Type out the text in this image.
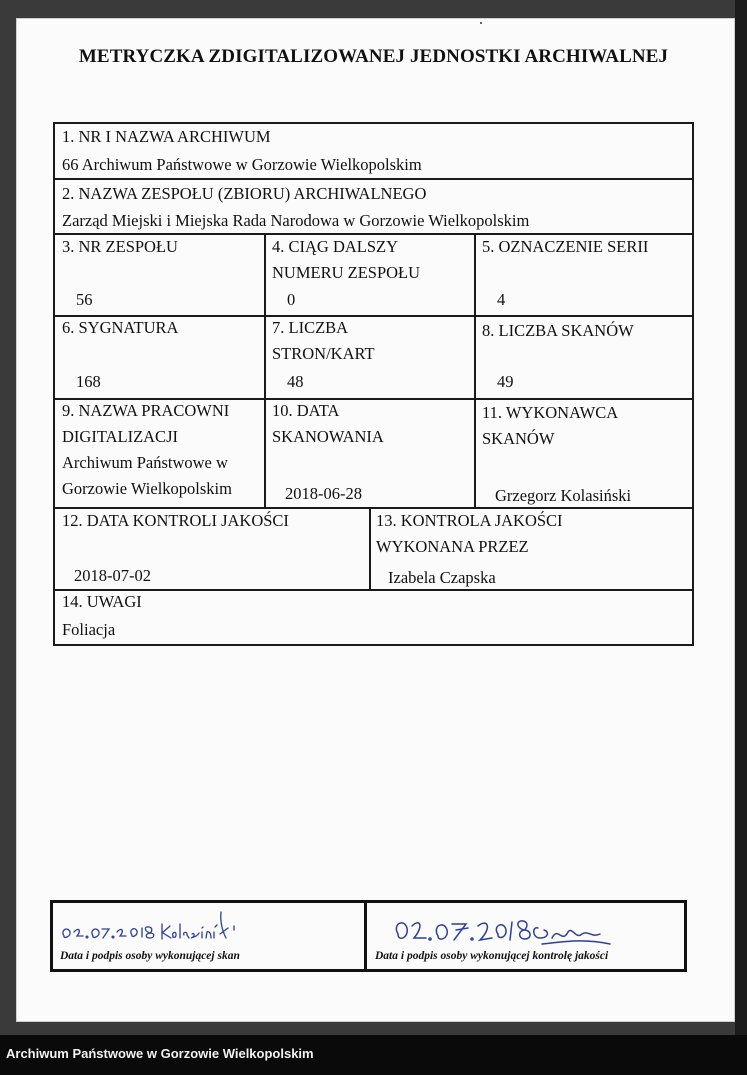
METRYCZKA ZDIGITALIZOWANEJ JEDNOSTKI ARCHIWALNEJ
1. NR I NAZWA ARCHIWUM
66 Archiwum Państwowe w Gorzowie Wielkopolskim
2. NAZWA ZESPOŁU (ZBIORU) ARCHIWALNEGO
Zarząd Miejski i Miejska Rada Narodowa w Gorzowie Wielkopolskim
3. NR ZESPOŁU
56
4. CIĄG DALSZY
NUMERU ZESPOŁU
0
5. OZNACZENIE SERII
4
6. SYGNATURA
168
7. LICZBA
STRON/KART
48
8. LICZBA SKANÓW
49
9. NAZWA PRACOWNI
DIGITALIZACJI
Archiwum Państwowe w
Gorzowie Wielkopolskim
10. DATA
SKANOWANIA
2018-06-28
11. WYKONAWCA
SKANÓW
Grzegorz Kolasiński
12. DATA KONTROLI JAKOŚCI
2018-07-02
13. KONTROLA JAKOŚCI
WYKONANA PRZEZ
Izabela Czapska
14. UWAGI
Foliacja
Data i podpis osoby wykonującej skan	Data i podpis osoby wykonującej kontrolę jakości
Archiwum Państwowe w Gorzowie Wielkopolskim
